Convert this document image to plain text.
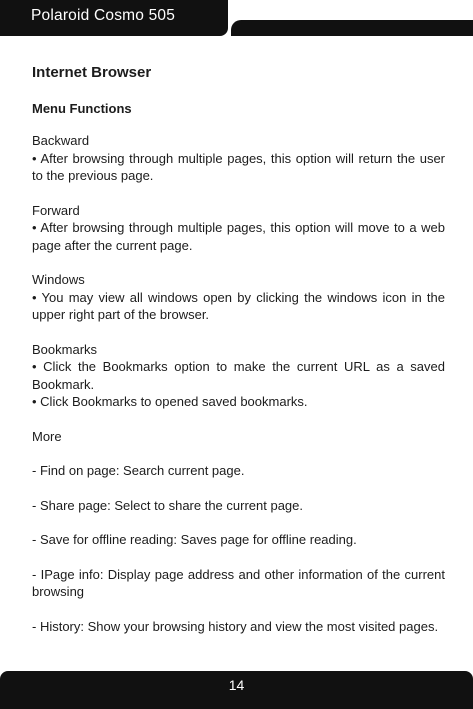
Polaroid Cosmo 505
Internet Browser
Menu Functions

Backward

• After browsing through multiple pages, this option will return the user to the previous page.

Forward

• After browsing through multiple pages, this option will move to a web page after the current page.

Windows

• You may view all windows open by clicking the windows icon in the upper right part of the browser.

Bookmarks

• Click the Bookmarks option to make the current URL as a saved Bookmark.

• Click Bookmarks to opened saved bookmarks.

More

- Find on page: Search current page.

- Share page: Select to share the current page.

- Save for offline reading: Saves page for offline reading.

- IPage info: Display page address and other information of the current browsing

- History: Show your browsing history and view the most visited pages.

14
